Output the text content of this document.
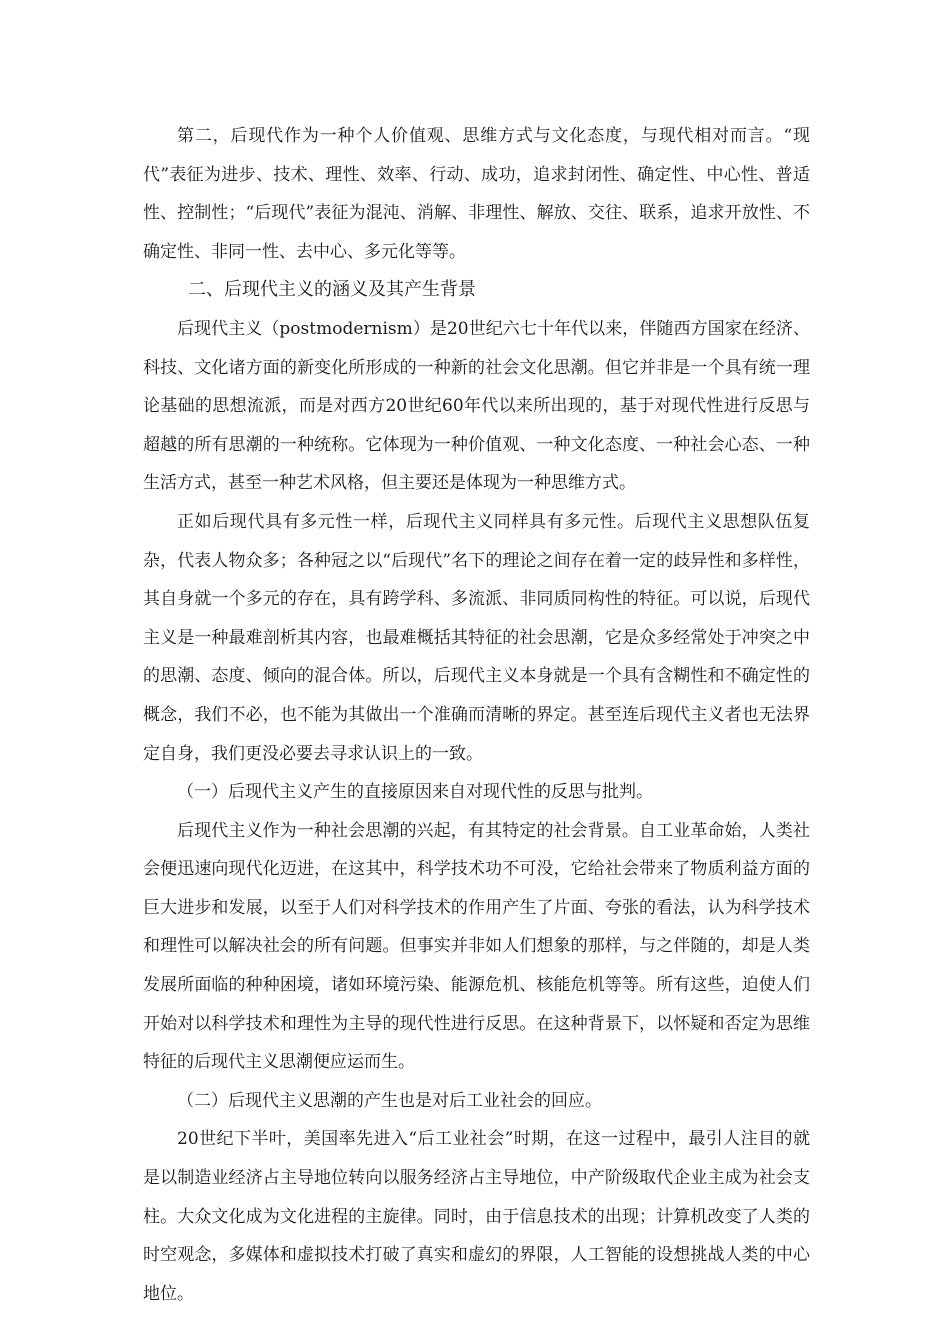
第二，后现代作为一种个人价值观、思维方式与文化态度，与现代相对而言。“现代”表征为进步、技术、理性、效率、行动、成功，追求封闭性、确定性、中心性、普适性、控制性；“后现代”表征为混沌、消解、非理性、解放、交往、联系，追求开放性、不确定性、非同一性、去中心、多元化等等。

二、后现代主义的涵义及其产生背景

后现代主义（postmodernism）是20世纪六七十年代以来，伴随西方国家在经济、科技、文化诸方面的新变化所形成的一种新的社会文化思潮。但它并非是一个具有统一理论基础的思想流派，而是对西方20世纪60年代以来所出现的，基于对现代性进行反思与超越的所有思潮的一种统称。它体现为一种价值观、一种文化态度、一种社会心态、一种生活方式，甚至一种艺术风格，但主要还是体现为一种思维方式。

正如后现代具有多元性一样，后现代主义同样具有多元性。后现代主义思想队伍复杂，代表人物众多；各种冠之以“后现代”名下的理论之间存在着一定的歧异性和多样性，其自身就一个多元的存在，具有跨学科、多流派、非同质同构性的特征。可以说，后现代主义是一种最难剖析其内容，也最难概括其特征的社会思潮，它是众多经常处于冲突之中的思潮、态度、倾向的混合体。所以，后现代主义本身就是一个具有含糊性和不确定性的概念，我们不必，也不能为其做出一个准确而清晰的界定。甚至连后现代主义者也无法界定自身，我们更没必要去寻求认识上的一致。

（一）后现代主义产生的直接原因来自对现代性的反思与批判。

后现代主义作为一种社会思潮的兴起，有其特定的社会背景。自工业革命始，人类社会便迅速向现代化迈进，在这其中，科学技术功不可没，它给社会带来了物质利益方面的巨大进步和发展，以至于人们对科学技术的作用产生了片面、夸张的看法，认为科学技术和理性可以解决社会的所有问题。但事实并非如人们想象的那样，与之伴随的，却是人类发展所面临的种种困境，诸如环境污染、能源危机、核能危机等等。所有这些，迫使人们开始对以科学技术和理性为主导的现代性进行反思。在这种背景下，以怀疑和否定为思维特征的后现代主义思潮便应运而生。

（二）后现代主义思潮的产生也是对后工业社会的回应。

20世纪下半叶，美国率先进入“后工业社会”时期，在这一过程中，最引人注目的就是以制造业经济占主导地位转向以服务经济占主导地位，中产阶级取代企业主成为社会支柱。大众文化成为文化进程的主旋律。同时，由于信息技术的出现；计算机改变了人类的时空观念，多媒体和虚拟技术打破了真实和虚幻的界限，人工智能的设想挑战人类的中心地位。
